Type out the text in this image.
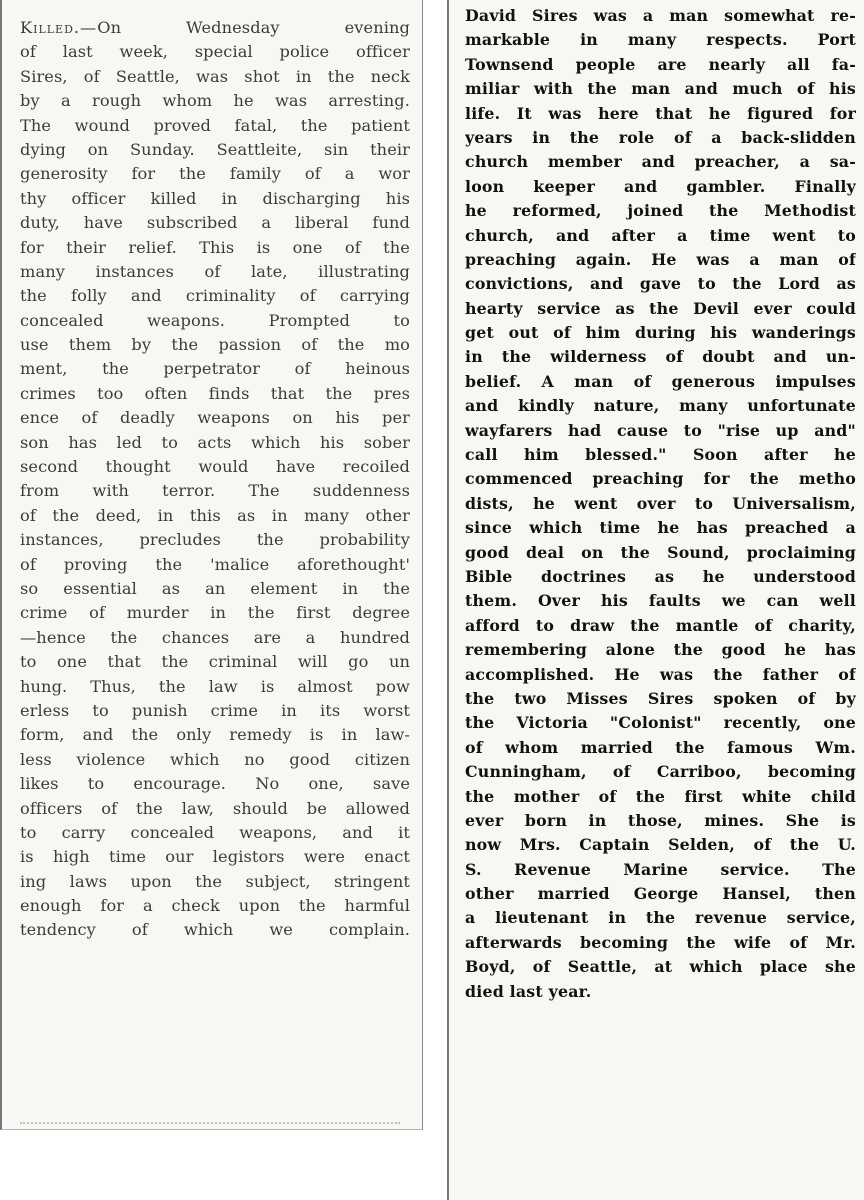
Killed.—On Wednesday evening
of last week, special police officer
Sires, of Seattle, was shot in the neck
by a rough whom he was arresting.
The wound proved fatal, the patient
dying on Sunday. Seattleite, sin their
generosity for the family of a wor
thy officer killed in discharging his
duty, have subscribed a liberal fund
for their relief. This is one of the
many instances of late, illustrating
the folly and criminality of carrying
concealed weapons. Prompted to
use them by the passion of the mo
ment, the perpetrator of heinous
crimes too often finds that the pres
ence of deadly weapons on his per
son has led to acts which his sober
second thought would have recoiled
from with terror. The suddenness
of the deed, in this as in many other
instances, precludes the probability
of proving the 'malice aforethought'
so essential as an element in the
crime of murder in the first degree
—hence the chances are a hundred
to one that the criminal will go un
hung. Thus, the law is almost pow
erless to punish crime in its worst
form, and the only remedy is in law-
less violence which no good citizen
likes to encourage. No one, save
officers of the law, should be allowed
to carry concealed weapons, and it
is high time our legistors were enact
ing laws upon the subject, stringent
enough for a check upon the harmful
tendency of which we complain.
David Sires was a man somewhat re-
markable in many respects. Port
Townsend people are nearly all fa-
miliar with the man and much of his
life. It was here that he figured for
years in the role of a back-slidden
church member and preacher, a sa-
loon keeper and gambler. Finally
he reformed, joined the Methodist
church, and after a time went to
preaching again. He was a man of
convictions, and gave to the Lord as
hearty service as the Devil ever could
get out of him during his wanderings
in the wilderness of doubt and un-
belief. A man of generous impulses
and kindly nature, many unfortunate
wayfarers had cause to "rise up and"
call him blessed." Soon after he
commenced preaching for the metho
dists, he went over to Universalism,
since which time he has preached a
good deal on the Sound, proclaiming
Bible doctrines as he understood
them. Over his faults we can well
afford to draw the mantle of charity,
remembering alone the good he has
accomplished. He was the father of
the two Misses Sires spoken of by
the Victoria "Colonist" recently, one
of whom married the famous Wm.
Cunningham, of Carriboo, becoming
the mother of the first white child
ever born in those, mines. She is
now Mrs. Captain Selden, of the U.
S. Revenue Marine service. The
other married George Hansel, then
a lieutenant in the revenue service,
afterwards becoming the wife of Mr.
Boyd, of Seattle, at which place she
died last year.
